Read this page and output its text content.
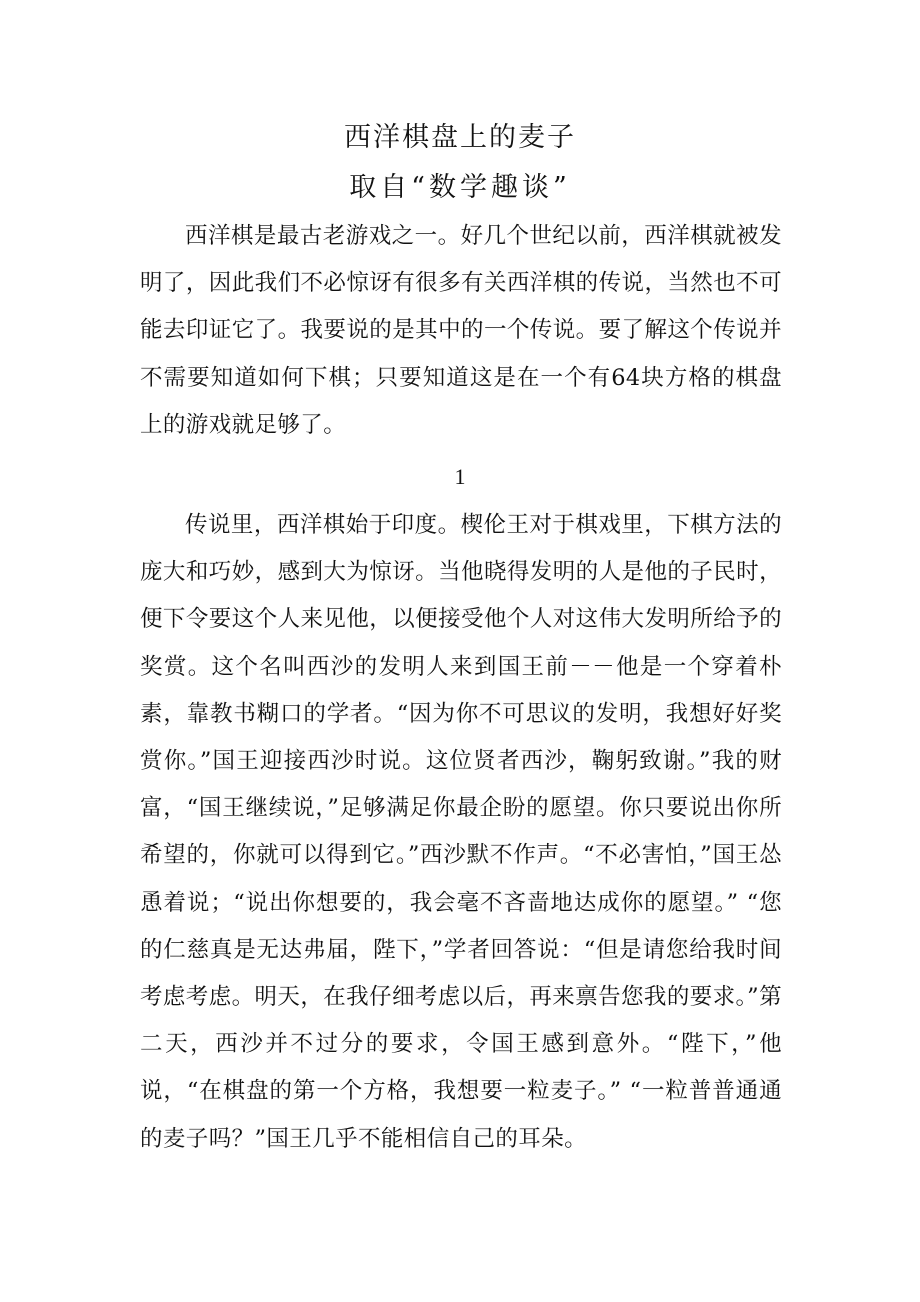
西洋棋盘上的麦子
取自“数学趣谈”

西洋棋是最古老游戏之一。好几个世纪以前，西洋棋就被发明了，因此我们不必惊讶有很多有关西洋棋的传说，当然也不可能去印证它了。我要说的是其中的一个传说。要了解这个传说并不需要知道如何下棋；只要知道这是在一个有64块方格的棋盘上的游戏就足够了。

1

传说里，西洋棋始于印度。楔伦王对于棋戏里，下棋方法的庞大和巧妙，感到大为惊讶。当他晓得发明的人是他的子民时，便下令要这个人来见他，以便接受他个人对这伟大发明所给予的奖赏。这个名叫西沙的发明人来到国王前－－他是一个穿着朴素，靠教书糊口的学者。“因为你不可思议的发明，我想好好奖赏你。”国王迎接西沙时说。这位贤者西沙，鞠躬致谢。”我的财富，“国王继续说，”足够满足你最企盼的愿望。你只要说出你所希望的，你就可以得到它。”西沙默不作声。“不必害怕，”国王怂恿着说；“说出你想要的，我会毫不吝啬地达成你的愿望。” “您的仁慈真是无达弗届，陛下，”学者回答说：“但是请您给我时间考虑考虑。明天，在我仔细考虑以后，再来禀告您我的要求。”第二天，西沙并不过分的要求，令国王感到意外。“陛下，”他说，“在棋盘的第一个方格，我想要一粒麦子。” “一粒普普通通的麦子吗？”国王几乎不能相信自己的耳朵。
